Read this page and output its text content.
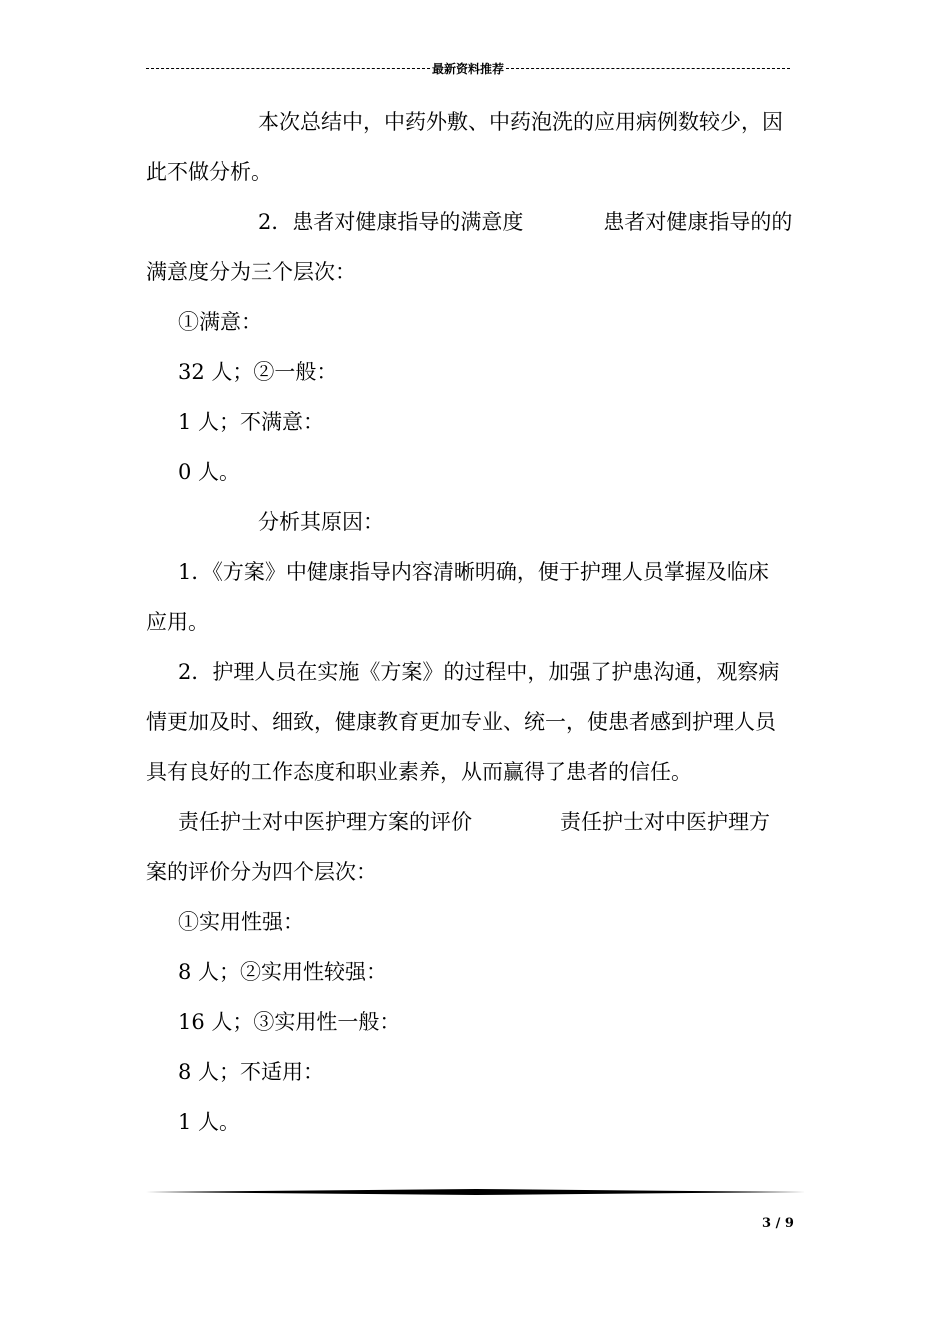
最新资料推荐

本次总结中，中药外敷、中药泡洗的应用病例数较少，因

此不做分析。

2．患者对健康指导的满意度	患者对健康指导的的

满意度分为三个层次：

①满意：

32 人；②一般：

1 人；不满意：

0 人。

分析其原因：

1．《方案》中健康指导内容清晰明确，便于护理人员掌握及临床

应用。

2．护理人员在实施《方案》的过程中，加强了护患沟通，观察病

情更加及时、细致，健康教育更加专业、统一，使患者感到护理人员

具有良好的工作态度和职业素养，从而赢得了患者的信任。

责任护士对中医护理方案的评价	责任护士对中医护理方

案的评价分为四个层次：

①实用性强：

8 人；②实用性较强：

16 人；③实用性一般：

8 人；不适用：

1 人。

3 / 9
